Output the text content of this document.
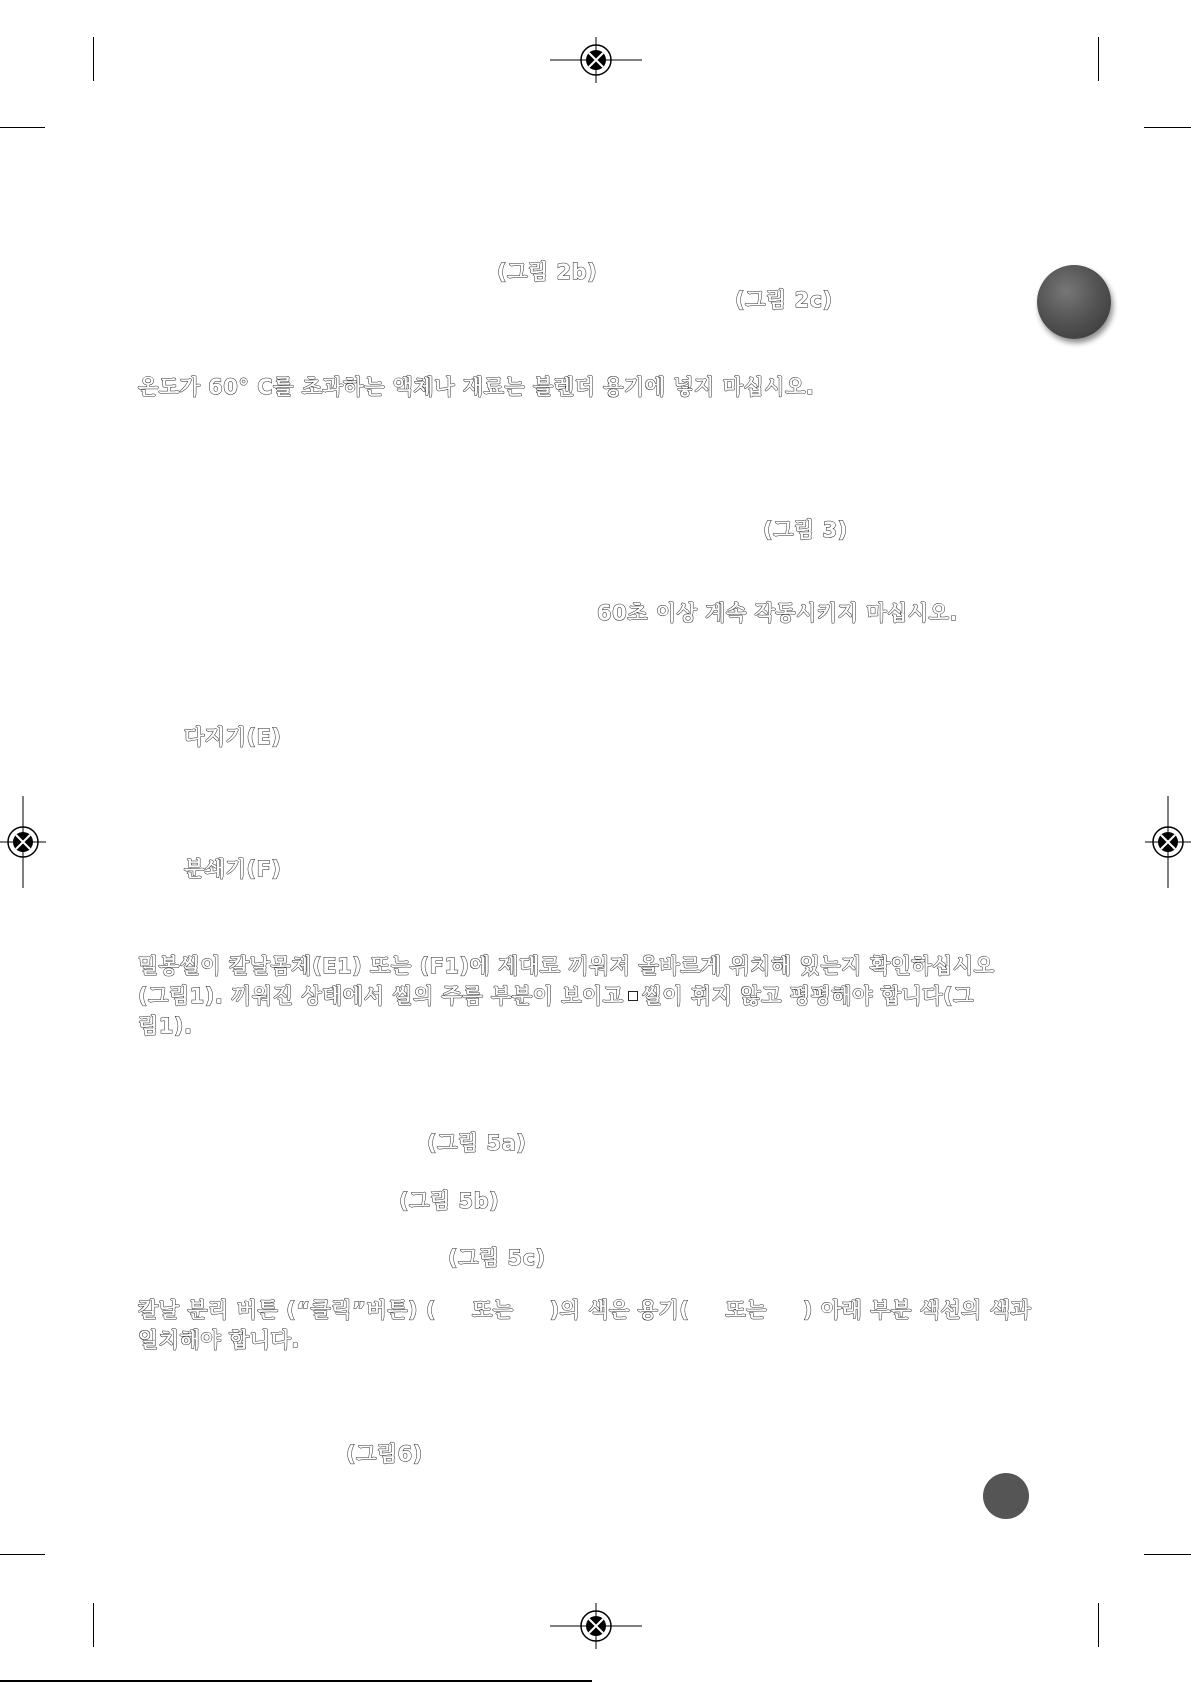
(그림 2b)
(그림 2c)
온도가 60° C를 초과하는 액체나 재료는 블렌더 용기에 넣지 마십시오.
(그림 3)
60초 이상 계속 작동시키지 마십시오.
다지기(E)
분쇄기(F)
밀봉씰이 칼날몸체(E1) 또는 (F1)에 제대로 끼워져 올바르게 위치해 있는지 확인하십시오
(그림1). 끼워진 상태에서 씰의 주름 부분이 보이고 씰이 휘지 않고 평평해야 합니다(그
림1).
(그림 5a)
(그림 5b)
(그림 5c)
칼날 분리 버튼 (“클릭”버튼) ( 또는 )의 색은 용기( 또는 ) 아래 부분 색선의 색과
일치해야 합니다.
(그림6)
